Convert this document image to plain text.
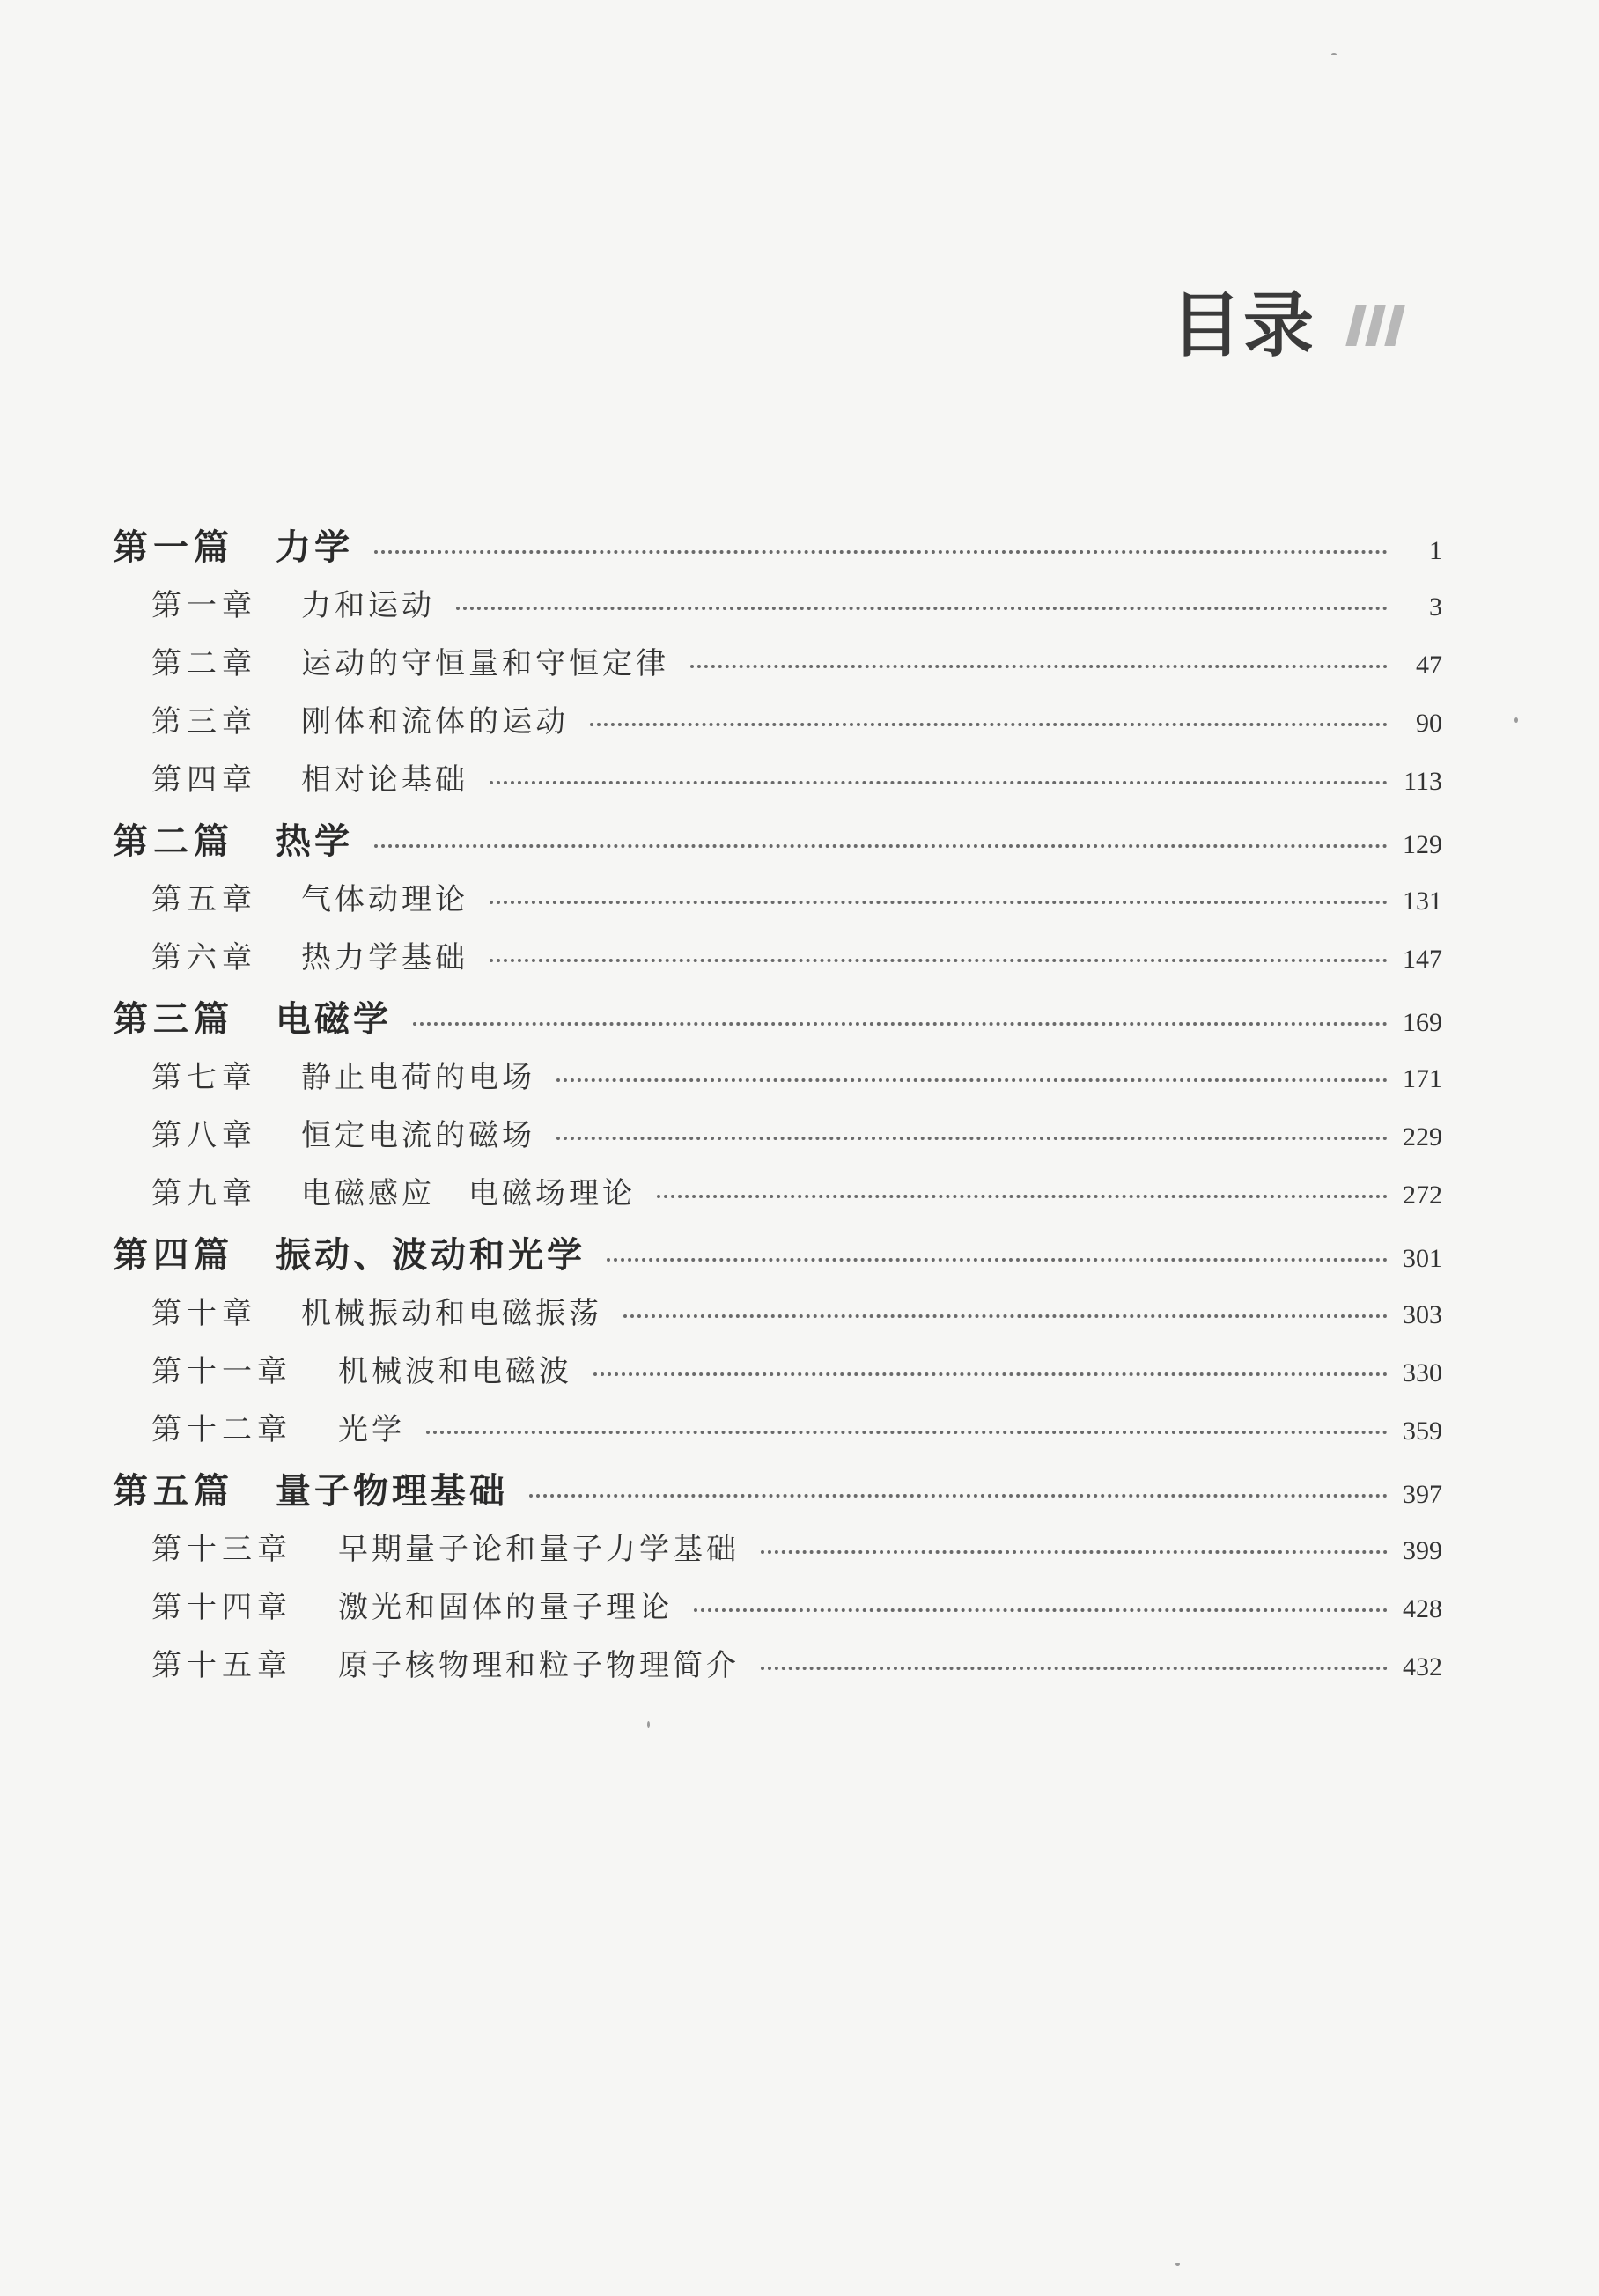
目录
第一篇	力学	1
第一章	力和运动	3
第二章	运动的守恒量和守恒定律	47
第三章	刚体和流体的运动	90
第四章	相对论基础	113
第二篇	热学	129
第五章	气体动理论	131
第六章	热力学基础	147
第三篇	电磁学	169
第七章	静止电荷的电场	171
第八章	恒定电流的磁场	229
第九章	电磁感应　电磁场理论	272
第四篇	振动、波动和光学	301
第十章	机械振动和电磁振荡	303
第十一章	机械波和电磁波	330
第十二章	光学	359
第五篇	量子物理基础	397
第十三章	早期量子论和量子力学基础	399
第十四章	激光和固体的量子理论	428
第十五章	原子核物理和粒子物理简介	432
